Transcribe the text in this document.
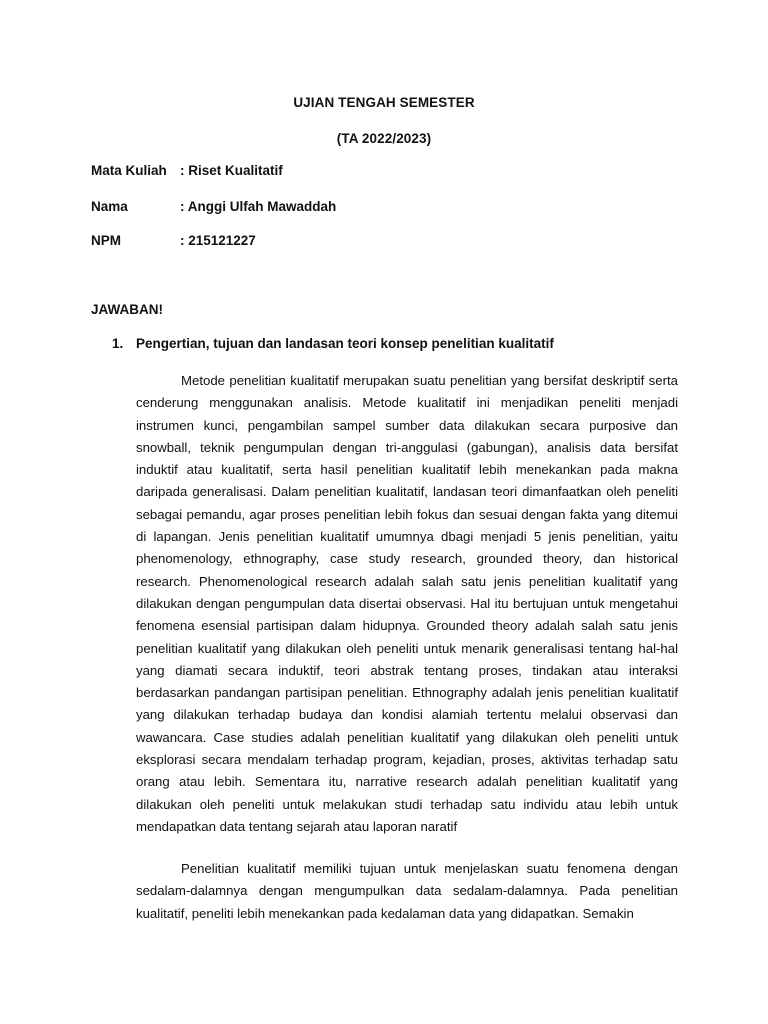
UJIAN TENGAH SEMESTER
(TA 2022/2023)
Mata Kuliah : Riset Kualitatif
Nama	: Anggi Ulfah Mawaddah
NPM	: 215121227
JAWABAN!
1. Pengertian, tujuan dan landasan teori konsep penelitian kualitatif

Metode penelitian kualitatif merupakan suatu penelitian yang bersifat deskriptif serta cenderung menggunakan analisis. Metode kualitatif ini menjadikan peneliti menjadi instrumen kunci, pengambilan sampel sumber data dilakukan secara purposive dan snowball, teknik pengumpulan dengan tri-anggulasi (gabungan), analisis data bersifat induktif atau kualitatif, serta hasil penelitian kualitatif lebih menekankan pada makna daripada generalisasi. Dalam penelitian kualitatif, landasan teori dimanfaatkan oleh peneliti sebagai pemandu, agar proses penelitian lebih fokus dan sesuai dengan fakta yang ditemui di lapangan. Jenis penelitian kualitatif umumnya dbagi menjadi 5 jenis penelitian, yaitu phenomenology, ethnography, case study research, grounded theory, dan historical research. Phenomenological research adalah salah satu jenis penelitian kualitatif yang dilakukan dengan pengumpulan data disertai observasi. Hal itu bertujuan untuk mengetahui fenomena esensial partisipan dalam hidupnya. Grounded theory adalah salah satu jenis penelitian kualitatif yang dilakukan oleh peneliti untuk menarik generalisasi tentang hal-hal yang diamati secara induktif, teori abstrak tentang proses, tindakan atau interaksi berdasarkan pandangan partisipan penelitian. Ethnography adalah jenis penelitian kualitatif yang dilakukan terhadap budaya dan kondisi alamiah tertentu melalui observasi dan wawancara. Case studies adalah penelitian kualitatif yang dilakukan oleh peneliti untuk eksplorasi secara mendalam terhadap program, kejadian, proses, aktivitas terhadap satu orang atau lebih. Sementara itu, narrative research adalah penelitian kualitatif yang dilakukan oleh peneliti untuk melakukan studi terhadap satu individu atau lebih untuk mendapatkan data tentang sejarah atau laporan naratif

Penelitian kualitatif memiliki tujuan untuk menjelaskan suatu fenomena dengan sedalam-dalamnya dengan mengumpulkan data sedalam-dalamnya. Pada penelitian kualitatif, peneliti lebih menekankan pada kedalaman data yang didapatkan. Semakin
